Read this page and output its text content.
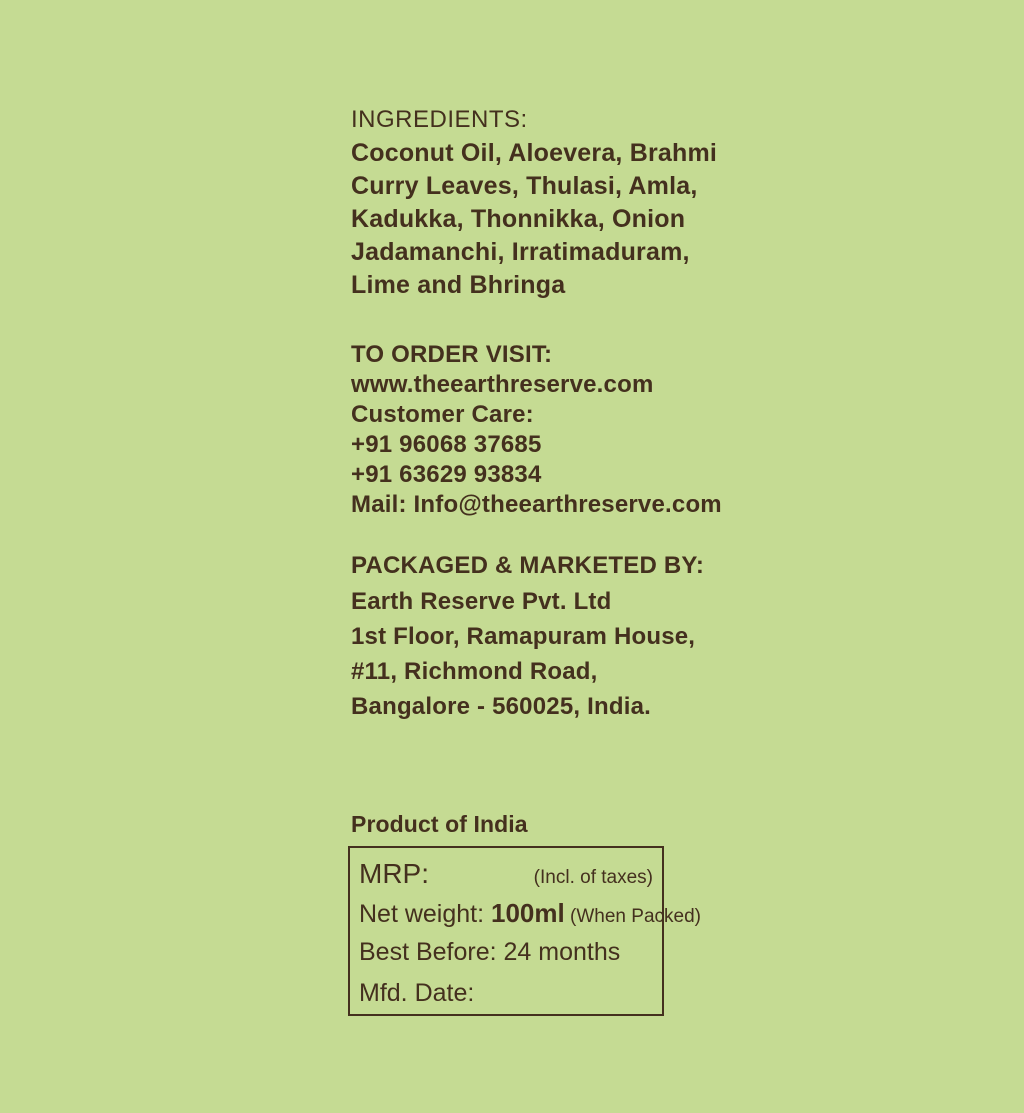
INGREDIENTS:
Coconut Oil, Aloevera, Brahmi
Curry Leaves, Thulasi, Amla,
Kadukka, Thonnikka, Onion
Jadamanchi, Irratimaduram,
Lime and Bhringa
TO ORDER VISIT:
www.theearthreserve.com
Customer Care:
+91 96068 37685
+91 63629 93834
Mail: Info@theearthreserve.com
PACKAGED & MARKETED BY:
Earth Reserve Pvt. Ltd
1st Floor, Ramapuram House,
#11, Richmond Road,
Bangalore - 560025, India.
Product of India
MRP:	(Incl. of taxes)
Net weight: 100ml (When Packed)
Best Before: 24 months
Mfd. Date:
